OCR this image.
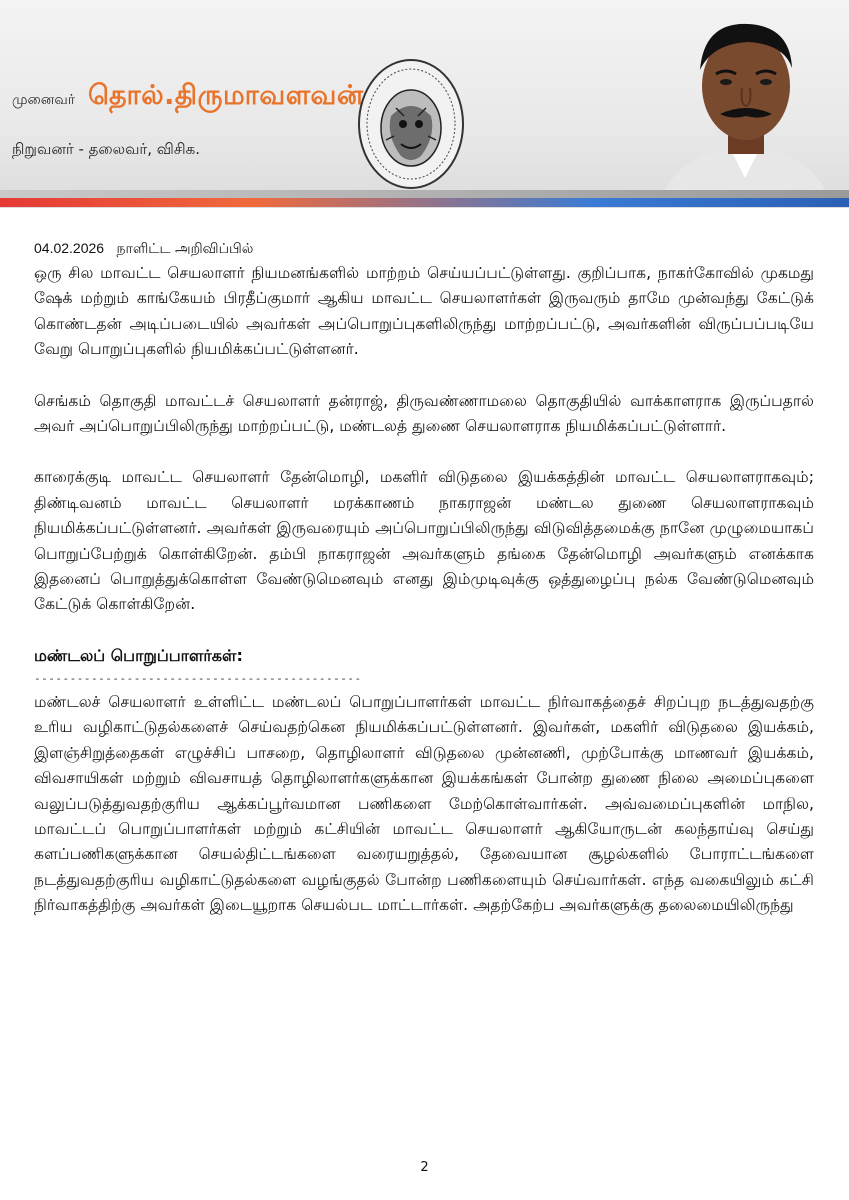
முனைவர் தொல்.திருமாவளவன்
நிறுவனர் - தலைவர், விசிக.
04.02.2026 நாளிட்ட அறிவிப்பில்

ஒரு சில மாவட்ட செயலாளர் நியமனங்களில் மாற்றம் செய்யப்பட்டுள்ளது. குறிப்பாக, நாகர்கோவில் முகமது ஷேக் மற்றும் காங்கேயம் பிரதீப்குமார் ஆகிய மாவட்ட செயலாளர்கள் இருவரும் தாமே முன்வந்து கேட்டுக் கொண்டதன் அடிப்படையில் அவர்கள் அப்பொறுப்புகளிலிருந்து மாற்றப்பட்டு, அவர்களின் விருப்பப்படியே வேறு பொறுப்புகளில் நியமிக்கப்பட்டுள்ளனர்.

செங்கம் தொகுதி மாவட்டச் செயலாளர் தன்ராஜ், திருவண்ணாமலை தொகுதியில் வாக்காளராக இருப்பதால் அவர் அப்பொறுப்பிலிருந்து மாற்றப்பட்டு, மண்டலத் துணை செயலாளராக நியமிக்கப்பட்டுள்ளார்.

காரைக்குடி மாவட்ட செயலாளர் தேன்மொழி, மகளிர் விடுதலை இயக்கத்தின் மாவட்ட செயலாளராகவும்; திண்டிவனம் மாவட்ட செயலாளர் மரக்காணம் நாகராஜன் மண்டல துணை செயலாளராகவும் நியமிக்கப்பட்டுள்ளனர். அவர்கள் இருவரையும் அப்பொறுப்பிலிருந்து விடுவித்தமைக்கு நானே முழுமையாகப் பொறுப்பேற்றுக் கொள்கிறேன். தம்பி நாகராஜன் அவர்களும் தங்கை தேன்மொழி அவர்களும் எனக்காக இதனைப் பொறுத்துக்கொள்ள வேண்டுமெனவும் எனது இம்முடிவுக்கு ஒத்துழைப்பு நல்க வேண்டுமெனவும் கேட்டுக் கொள்கிறேன்.

மண்டலப் பொறுப்பாளர்கள்:

----------------------------------------------

மண்டலச் செயலாளர் உள்ளிட்ட மண்டலப் பொறுப்பாளர்கள் மாவட்ட நிர்வாகத்தைச் சிறப்புற நடத்துவதற்கு உரிய வழிகாட்டுதல்களைச் செய்வதற்கென நியமிக்கப்பட்டுள்ளனர். இவர்கள், மகளிர் விடுதலை இயக்கம், இளஞ்சிறுத்தைகள் எழுச்சிப் பாசறை, தொழிலாளர் விடுதலை முன்னணி, முற்போக்கு மாணவர் இயக்கம், விவசாயிகள் மற்றும் விவசாயத் தொழிலாளர்களுக்கான இயக்கங்கள் போன்ற துணை நிலை அமைப்புகளை வலுப்படுத்துவதற்குரிய ஆக்கப்பூர்வமான பணிகளை மேற்கொள்வார்கள். அவ்வமைப்புகளின் மாநில, மாவட்டப் பொறுப்பாளர்கள் மற்றும் கட்சியின் மாவட்ட செயலாளர் ஆகியோருடன் கலந்தாய்வு செய்து களப்பணிகளுக்கான செயல்திட்டங்களை வரையறுத்தல், தேவையான சூழல்களில் போராட்டங்களை நடத்துவதற்குரிய வழிகாட்டுதல்களை வழங்குதல் போன்ற பணிகளையும் செய்வார்கள். எந்த வகையிலும் கட்சி நிர்வாகத்திற்கு அவர்கள் இடையூறாக செயல்பட மாட்டார்கள். அதற்கேற்ப அவர்களுக்கு தலைமையிலிருந்து

2
